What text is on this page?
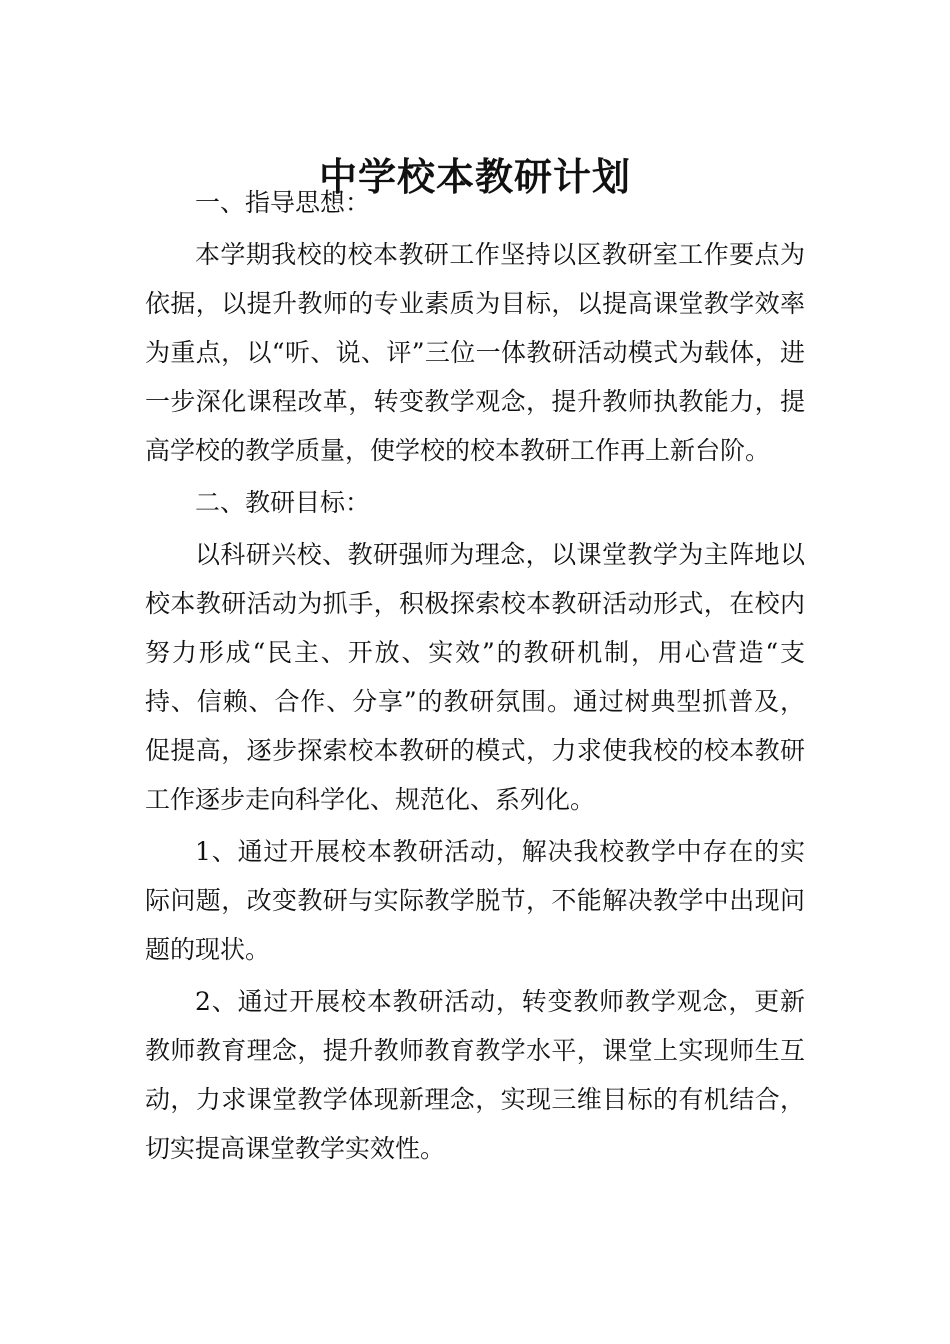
中学校本教研计划

一、指导思想：

本学期我校的校本教研工作坚持以区教研室工作要点为依据，以提升教师的专业素质为目标，以提高课堂教学效率为重点，以“听、说、评”三位一体教研活动模式为载体，进一步深化课程改革，转变教学观念，提升教师执教能力，提高学校的教学质量，使学校的校本教研工作再上新台阶。

二、教研目标：

以科研兴校、教研强师为理念，以课堂教学为主阵地以校本教研活动为抓手，积极探索校本教研活动形式，在校内努力形成“民主、开放、实效”的教研机制，用心营造“支持、信赖、合作、分享”的教研氛围。通过树典型抓普及，促提高，逐步探索校本教研的模式，力求使我校的校本教研工作逐步走向科学化、规范化、系列化。

1、通过开展校本教研活动，解决我校教学中存在的实际问题，改变教研与实际教学脱节，不能解决教学中出现问题的现状。

2、通过开展校本教研活动，转变教师教学观念，更新教师教育理念，提升教师教育教学水平，课堂上实现师生互动，力求课堂教学体现新理念，实现三维目标的有机结合，切实提高课堂教学实效性。
